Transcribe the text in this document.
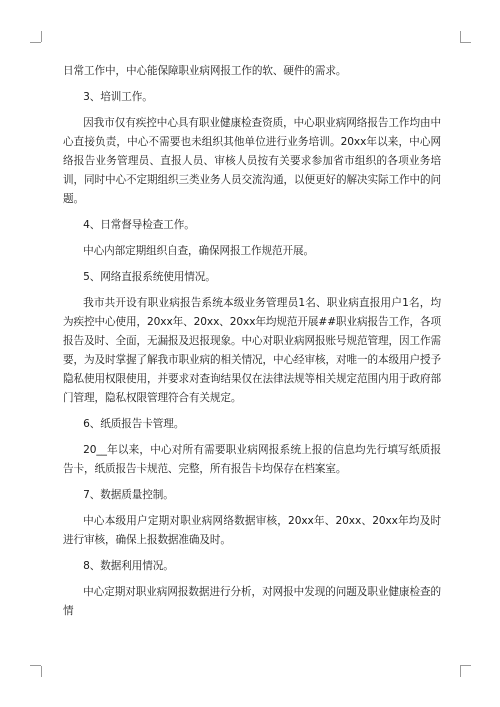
日常工作中，中心能保障职业病网报工作的软、硬件的需求。

3、培训工作。

因我市仅有疾控中心具有职业健康检查资质，中心职业病网络报告工作均由中心直接负责，中心不需要也未组织其他单位进行业务培训。20xx年以来，中心网络报告业务管理员、直报人员、审核人员按有关要求参加省市组织的各项业务培训，同时中心不定期组织三类业务人员交流沟通，以便更好的解决实际工作中的问题。

4、日常督导检查工作。

中心内部定期组织自查，确保网报工作规范开展。

5、网络直报系统使用情况。

我市共开设有职业病报告系统本级业务管理员1名、职业病直报用户1名，均为疾控中心使用，20xx年、20xx、20xx年均规范开展##职业病报告工作，各项报告及时、全面，无漏报及迟报现象。中心对职业病网报账号规范管理，因工作需要，为及时掌握了解我市职业病的相关情况，中心经审核，对唯一的本级用户授予隐私使用权限使用，并要求对查询结果仅在法律法规等相关规定范围内用于政府部门管理，隐私权限管理符合有关规定。

6、纸质报告卡管理。

20__年以来，中心对所有需要职业病网报系统上报的信息均先行填写纸质报告卡，纸质报告卡规范、完整，所有报告卡均保存在档案室。

7、数据质量控制。

中心本级用户定期对职业病网络数据审核，20xx年、20xx、20xx年均及时进行审核，确保上报数据准确及时。

8、数据利用情况。

中心定期对职业病网报数据进行分析，对网报中发现的问题及职业健康检查的情
